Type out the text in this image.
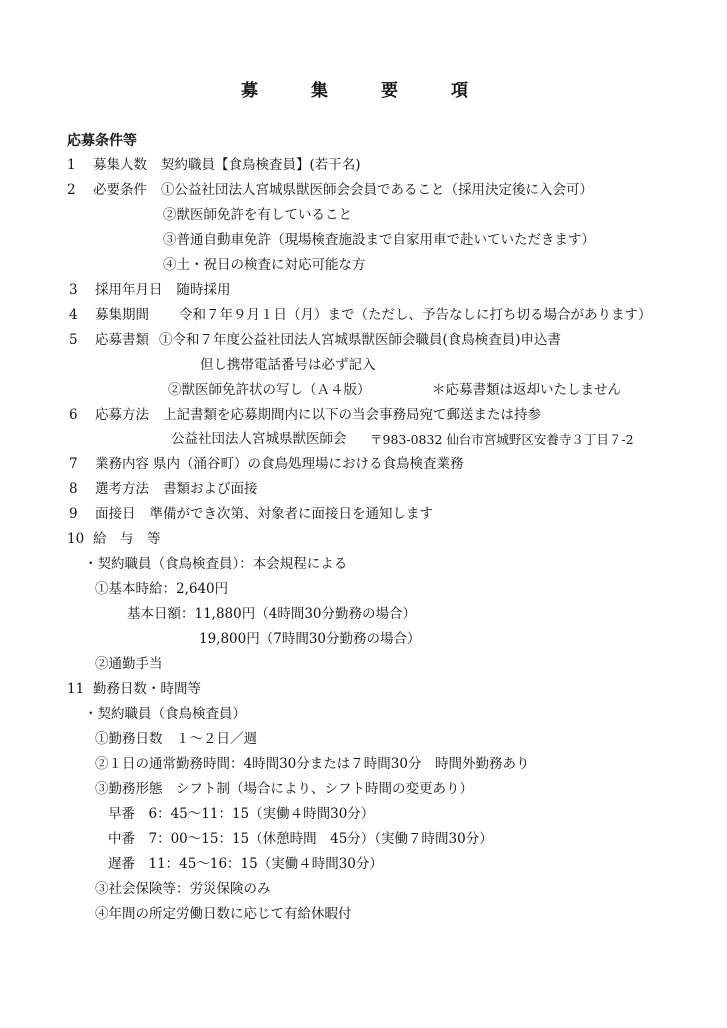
募　集　要　項
応募条件等
1 募集人数 契約職員【食鳥検査員】(若干名)
2 必要条件 ①公益社団法人宮城県獣医師会会員であること（採用決定後に入会可）
②獣医師免許を有していること
③普通自動車免許（現場検査施設まで自家用車で赴いていただきます）
④土・祝日の検査に対応可能な方
3 採用年月日 随時採用
4 募集期間 令和７年９月１日（月）まで（ただし、予告なしに打ち切る場合があります）
5 応募書類 ①令和７年度公益社団法人宮城県獣医師会職員(食鳥検査員)申込書
但し携帯電話番号は必ず記入
②獣医師免許状の写し（Ａ４版）	＊応募書類は返却いたしません
6 応募方法 上記書類を応募期間内に以下の当会事務局宛て郵送または持参
公益社団法人宮城県獣医師会 〒983-0832 仙台市宮城野区安養寺３丁目７-2
7 業務内容 県内（涌谷町）の食鳥処理場における食鳥検査業務
8 選考方法 書類および面接
9 面接日 準備ができ次第、対象者に面接日を通知します
10 給　与　等
・契約職員（食鳥検査員）：本会規程による
①基本時給：2,640円
基本日額：11,880円（4時間30分勤務の場合）
19,800円（7時間30分勤務の場合）
②通勤手当
11 勤務日数・時間等
・契約職員（食鳥検査員）
①勤務日数　１～２日／週
②１日の通常勤務時間：4時間30分または７時間30分　時間外勤務あり
③勤務形態　シフト制（場合により、シフト時間の変更あり）
早番　6：45～11：15（実働４時間30分）
中番　7：00～15：15（休憩時間　45分）（実働７時間30分）
遅番　11：45～16：15（実働４時間30分）
③社会保険等：労災保険のみ
④年間の所定労働日数に応じて有給休暇付
